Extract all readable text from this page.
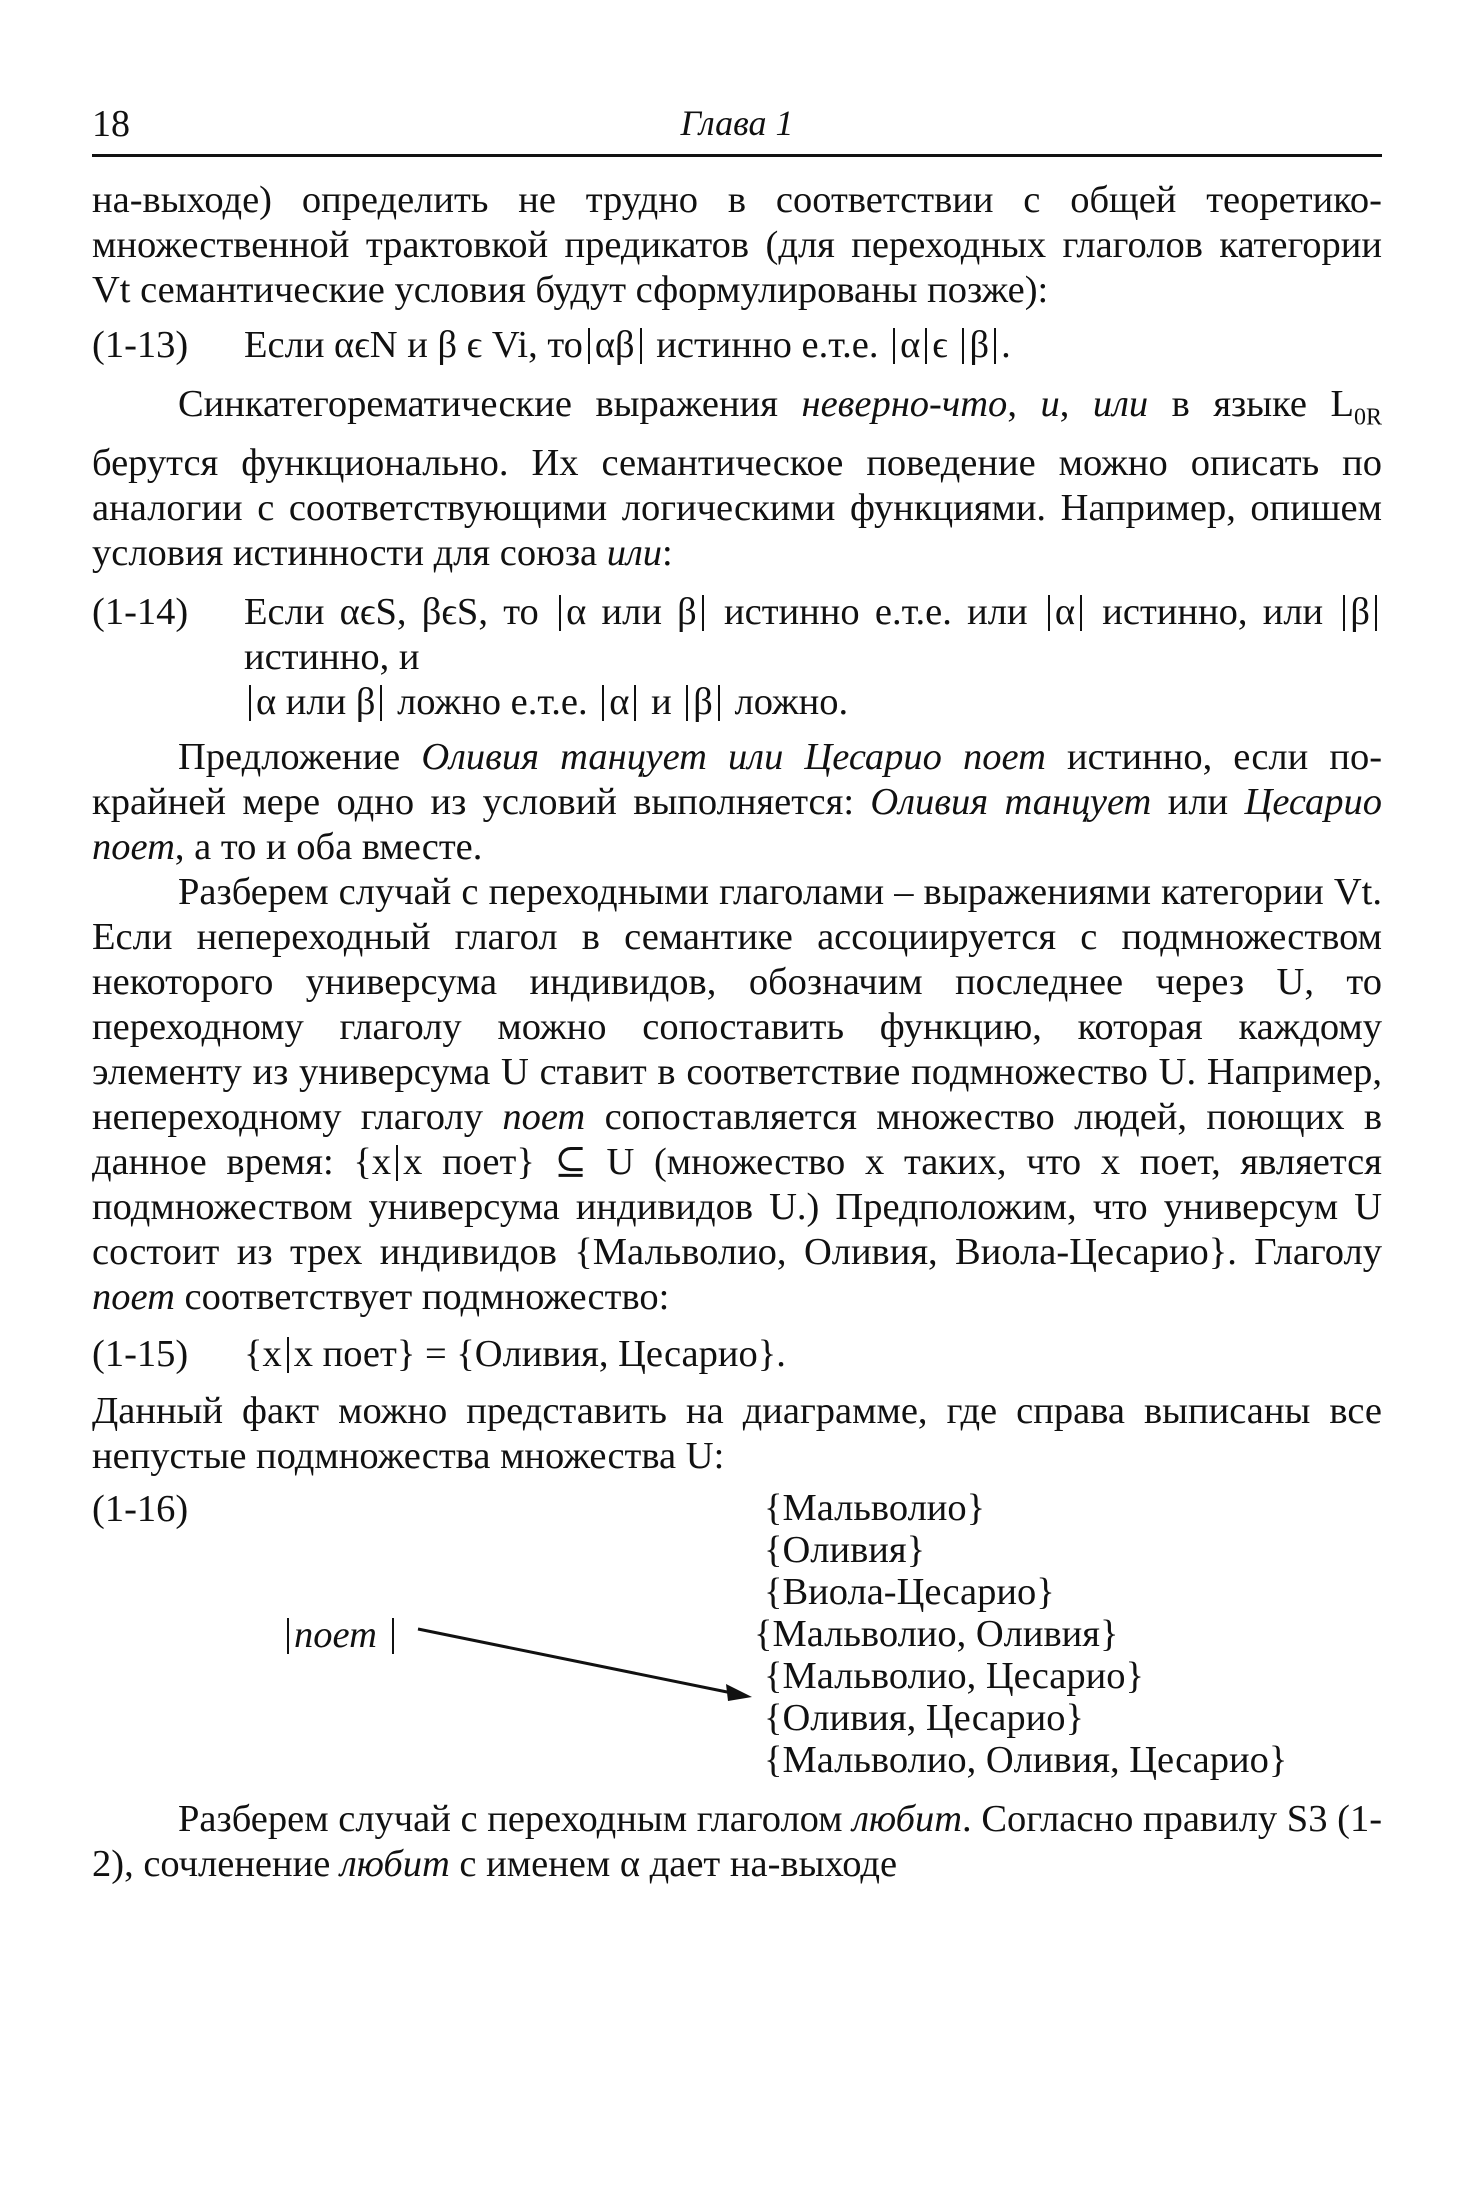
18	Глава 1

на-выходе) определить не трудно в соответствии с общей теоретико-множественной трактовкой предикатов (для переходных глаголов категории Vt семантические условия будут сформулированы позже):

(1-13)	Если αϵN и β ϵ Vi, то αβ истинно е.т.е. α ϵ β .

Синкатегорематические выражения неверно-что, и, или в языке $L_{0R}$ берутся функционально. Их семантическое поведение можно описать по аналогии с соответствующими логическими функциями. Например, опишем условия истинности для союза или:

(1-14)	Если αϵS, βϵS, то α или β истинно е.т.е. или α истинно, или β истинно, и
α или β ложно е.т.е. α и β ложно.

Предложение Оливия танцует или Цесарио поет истинно, если по-крайней мере одно из условий выполняется: Оливия танцует или Цесарио поет, а то и оба вместе.

Разберем случай с переходными глаголами – выражениями категории Vt. Если непереходный глагол в семантике ассоциируется с подмножеством некоторого универсума индивидов, обозначим последнее через U, то переходному глаголу можно сопоставить функцию, которая каждому элементу из универсума U ставит в соответствие подмножество U. Например, непереходному глаголу поет сопоставляется множество людей, поющих в данное время: {x x поет} ⊆ U (множество x таких, что x поет, является подмножеством универсума индивидов U.) Предположим, что универсум U состоит из трех индивидов {Мальволио, Оливия, Виола-Цесарио}. Глаголу поет соответствует подмножество:

(1-15)	{x x поет} = {Оливия, Цесарио}.

Данный факт можно представить на диаграмме, где справа выписаны все непустые подмножества множества U:

(1-16)
поет
{Мальволио}
{Оливия}
{Виола-Цесарио}
{Мальволио, Оливия}
{Мальволио, Цесарио}
{Оливия, Цесарио}
{Мальволио, Оливия, Цесарио}

Разберем случай с переходным глаголом любит. Согласно правилу S3 (1-2), сочленение любит с именем α дает на-выходе
